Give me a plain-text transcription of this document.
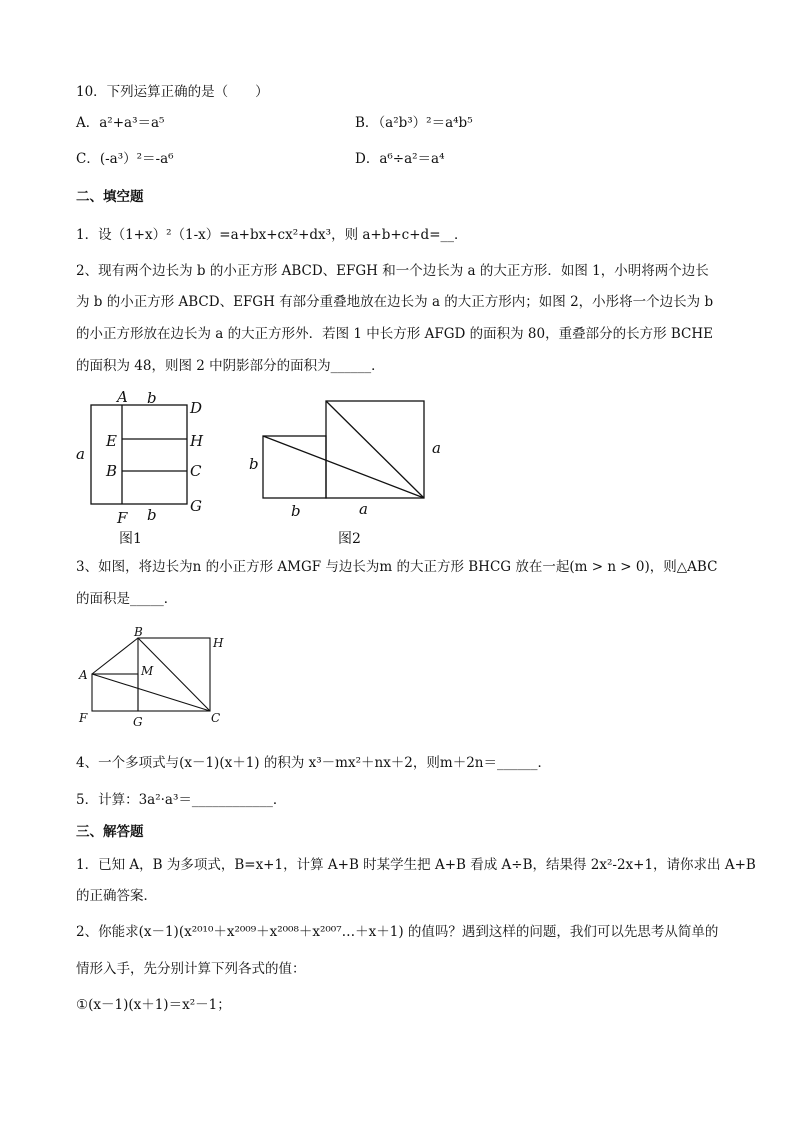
10．下列运算正确的是（　　）
A．a²+a³＝a⁵	B．（a²b³）²＝a⁴b⁵
C．(-a³）²＝-a⁶	D．a⁶÷a²＝a⁴
二、填空题
1．设（1+x）²（1-x）=a+bx+cx²+dx³，则 a+b+c+d=__．
2、现有两个边长为 b 的小正方形 ABCD、EFGH 和一个边长为 a 的大正方形．如图 1，小明将两个边长
为 b 的小正方形 ABCD、EFGH 有部分重叠地放在边长为 a 的大正方形内；如图 2，小彤将一个边长为 b
的小正方形放在边长为 a 的大正方形外．若图 1 中长方形 AFGD 的面积为 80，重叠部分的长方形 BCHE
的面积为 48，则图 2 中阴影部分的面积为______．
A b
D
E	H
a
B	C
F b G
图1
b
a
b	a
图2
3、如图，将边长为n 的小正方形 AMGF 与边长为m 的大正方形 BHCG 放在一起(m > n > 0)，则△ABC
的面积是_____．
B
H
A	M
F	G	C
4、一个多项式与(x－1)(x＋1) 的积为 x³－mx²＋nx＋2，则m＋2n＝______．
5．计算：3a²·a³＝____________．
三、解答题
1．已知 A，B 为多项式，B=x+1，计算 A+B 时某学生把 A+B 看成 A÷B，结果得 2x²-2x+1，请你求出 A+B
的正确答案．
2、你能求(x－1)(x²⁰¹⁰＋x²⁰⁰⁹＋x²⁰⁰⁸＋x²⁰⁰⁷…＋x＋1) 的值吗？遇到这样的问题，我们可以先思考从简单的
情形入手，先分别计算下列各式的值：
①(x－1)(x＋1)＝x²－1；
